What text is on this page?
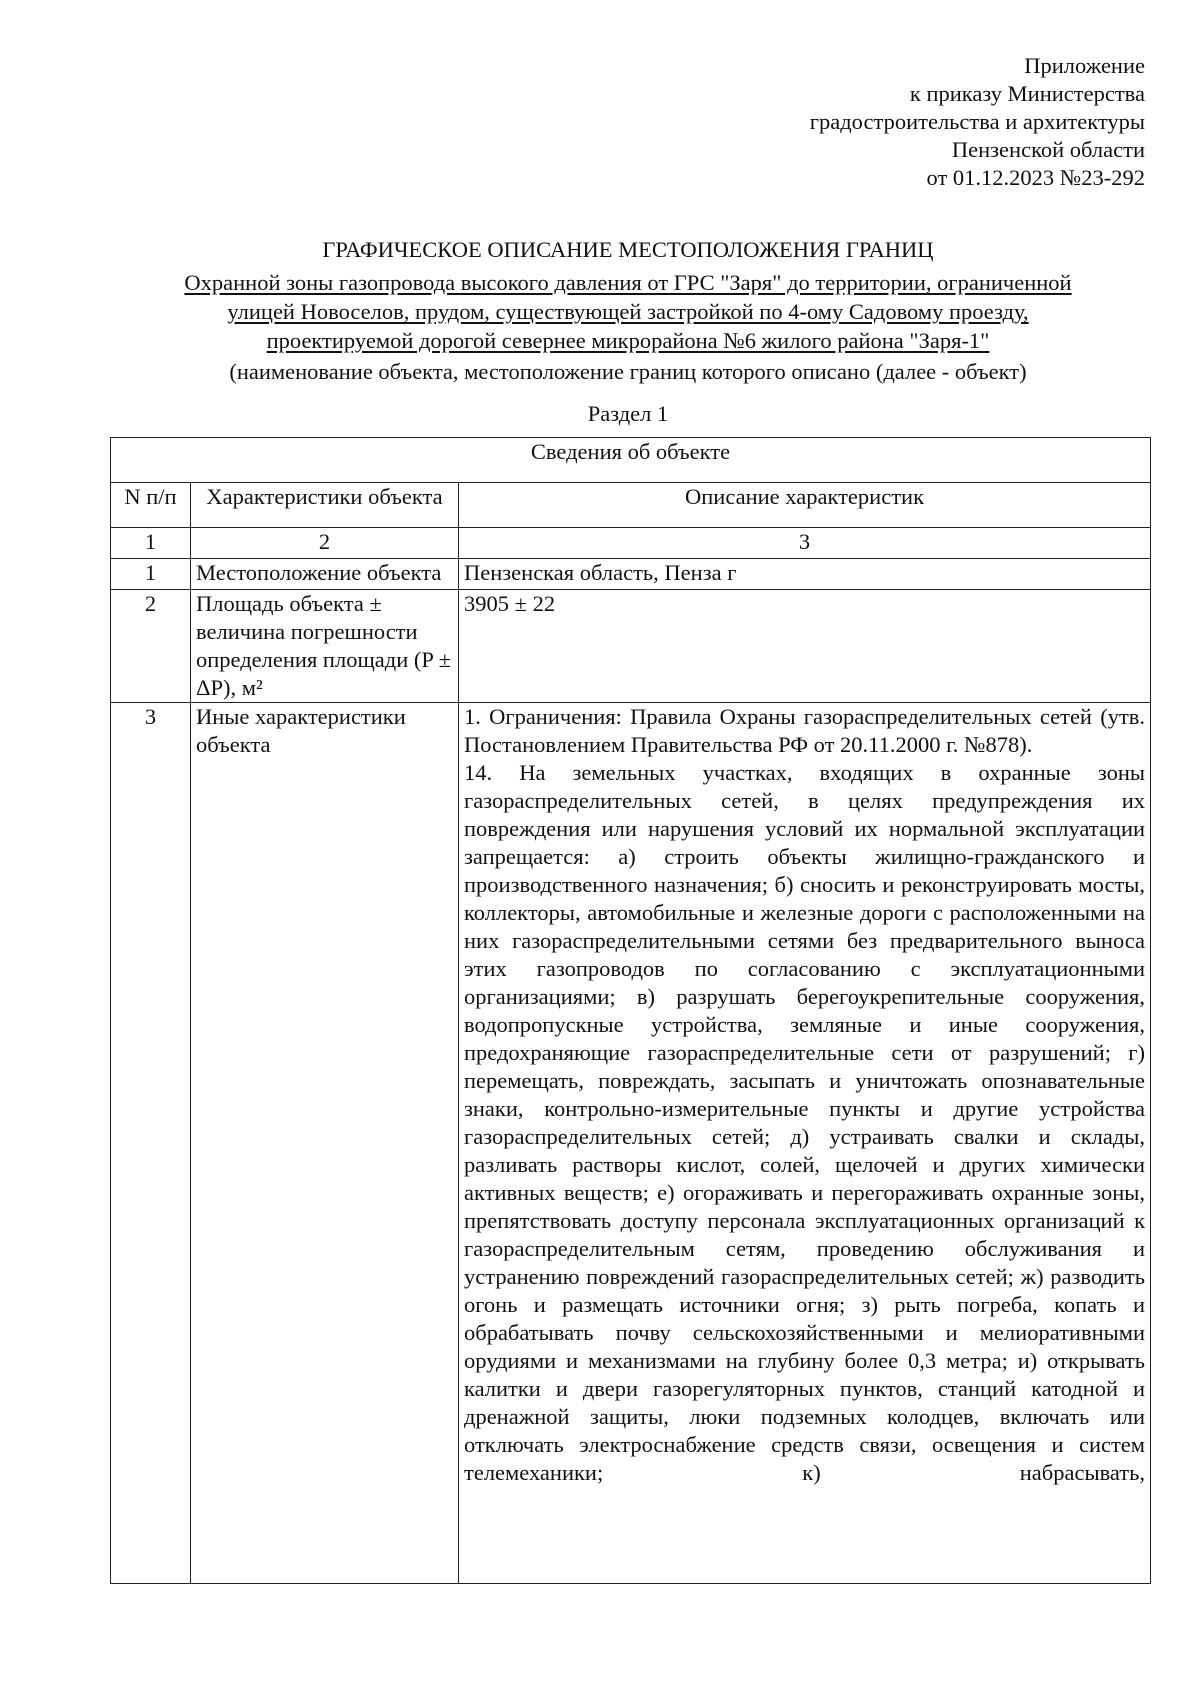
Приложение
к приказу Министерства
градостроительства и архитектуры
Пензенской области
от 01.12.2023 №23-292
ГРАФИЧЕСКОЕ ОПИСАНИЕ МЕСТОПОЛОЖЕНИЯ ГРАНИЦ
Охранной зоны газопровода высокого давления от ГРС "Заря" до территории, ограниченной
улицей Новоселов, прудом, существующей застройкой по 4-ому Садовому проезду,
проектируемой дорогой севернее микрорайона №6 жилого района "Заря-1"
(наименование объекта, местоположение границ которого описано (далее - объект)
Раздел 1
Сведения об объекте		
N п/п	Характеристики объекта	Описание характеристик
1	2	3
1	Местоположение объекта	Пензенская область, Пенза г
2	Площадь объекта ± величина погрешности определения площади (P ± ΔP), м²	3905 ± 22
3	Иные характеристики объекта	1. Ограничения: Правила Охраны газораспределительных сетей (утв. Постановлением Правительства РФ от 20.11.2000 г. №878).

14. На земельных участках, входящих в охранные зоны газораспределительных сетей, в целях предупреждения их повреждения или нарушения условий их нормальной эксплуатации запрещается: а) строить объекты жилищно-гражданского и производственного назначения; б) сносить и реконструировать мосты, коллекторы, автомобильные и железные дороги с расположенными на них газораспределительными сетями без предварительного выноса этих газопроводов по согласованию с эксплуатационными организациями; в) разрушать берегоукрепительные сооружения, водопропускные устройства, земляные и иные сооружения, предохраняющие газораспределительные сети от разрушений; г) перемещать, повреждать, засыпать и уничтожать опознавательные знаки, контрольно-измерительные пункты и другие устройства газораспределительных сетей; д) устраивать свалки и склады, разливать растворы кислот, солей, щелочей и других химически активных веществ; е) огораживать и перегораживать охранные зоны, препятствовать доступу персонала эксплуатационных организаций к газораспределительным сетям, проведению обслуживания и устранению повреждений газораспределительных сетей; ж) разводить огонь и размещать источники огня; з) рыть погреба, копать и обрабатывать почву сельскохозяйственными и мелиоративными орудиями и механизмами на глубину более 0,3 метра; и) открывать калитки и двери газорегуляторных пунктов, станций катодной и дренажной защиты, люки подземных колодцев, включать или отключать электроснабжение средств связи, освещения и систем телемеханики; к) набрасывать,
